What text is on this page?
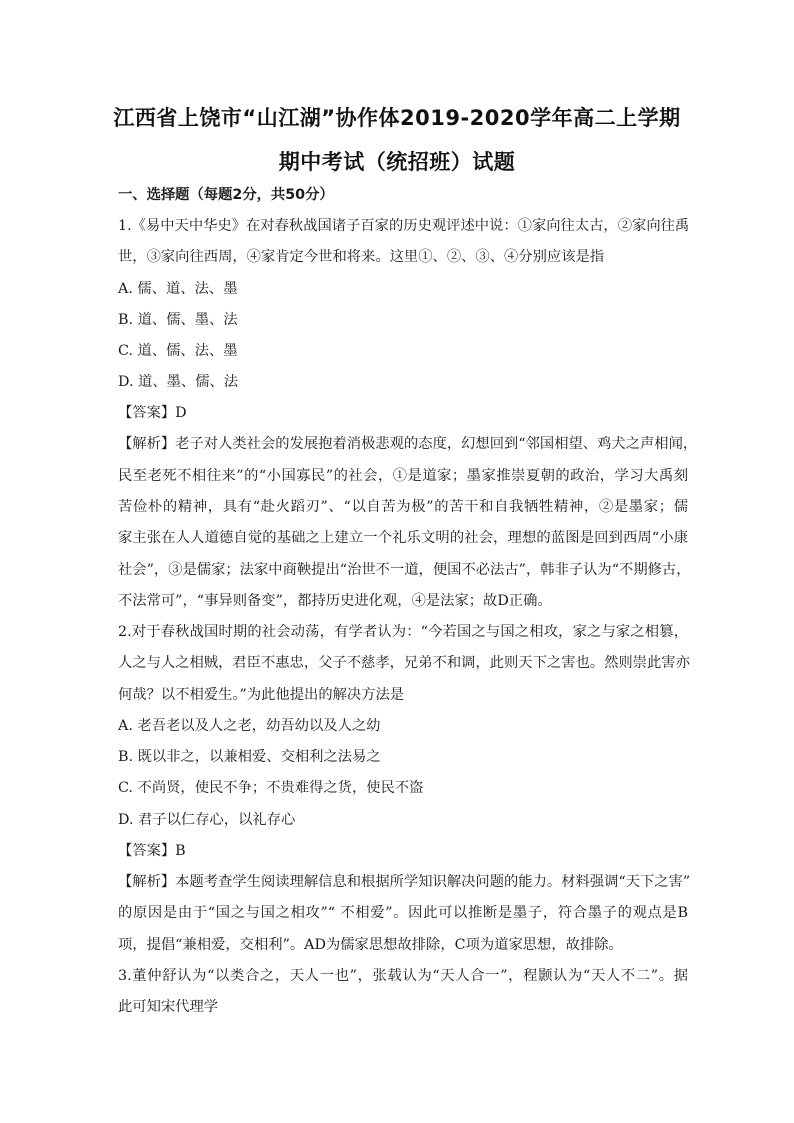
江西省上饶市“山江湖”协作体2019-2020学年高二上学期
期中考试（统招班）试题
一、选择题（每题2分，共50分）
1.《易中天中华史》在对春秋战国诸子百家的历史观评述中说：①家向往太古，②家向往禹
世，③家向往西周，④家肯定今世和将来。这里①、②、③、④分别应该是指
A. 儒、道、法、墨
B. 道、儒、墨、法
C. 道、儒、法、墨
D. 道、墨、儒、法
【答案】D
【解析】老子对人类社会的发展抱着消极悲观的态度，幻想回到“邻国相望、鸡犬之声相闻，
民至老死不相往来”的“小国寡民”的社会，①是道家；墨家推崇夏朝的政治，学习大禹刻
苦俭朴的精神，具有“赴火蹈刃”、“以自苦为极”的苦干和自我牺牲精神，②是墨家；儒
家主张在人人道德自觉的基础之上建立一个礼乐文明的社会，理想的蓝图是回到西周“小康
社会”，③是儒家；法家中商鞅提出“治世不一道，便国不必法古”，韩非子认为“不期修古，
不法常可”，“事异则备变”，都持历史进化观，④是法家；故D正确。
2.对于春秋战国时期的社会动荡，有学者认为：“今若国之与国之相攻，家之与家之相篡，
人之与人之相贼，君臣不惠忠，父子不慈孝，兄弟不和调，此则天下之害也。然则崇此害亦
何哉？以不相爱生。”为此他提出的解决方法是
A. 老吾老以及人之老，幼吾幼以及人之幼
B. 既以非之，以兼相爱、交相利之法易之
C. 不尚贤，使民不争；不贵难得之货，使民不盗
D. 君子以仁存心，以礼存心
【答案】B
【解析】本题考查学生阅读理解信息和根据所学知识解决问题的能力。材料强调“天下之害”
的原因是由于“国之与国之相攻”“ 不相爱”。因此可以推断是墨子，符合墨子的观点是B
项，提倡“兼相爱，交相利”。AD为儒家思想故排除，C项为道家思想，故排除。
3.董仲舒认为“以类合之，天人一也”，张载认为“天人合一”，程颢认为“天人不二”。据
此可知宋代理学
